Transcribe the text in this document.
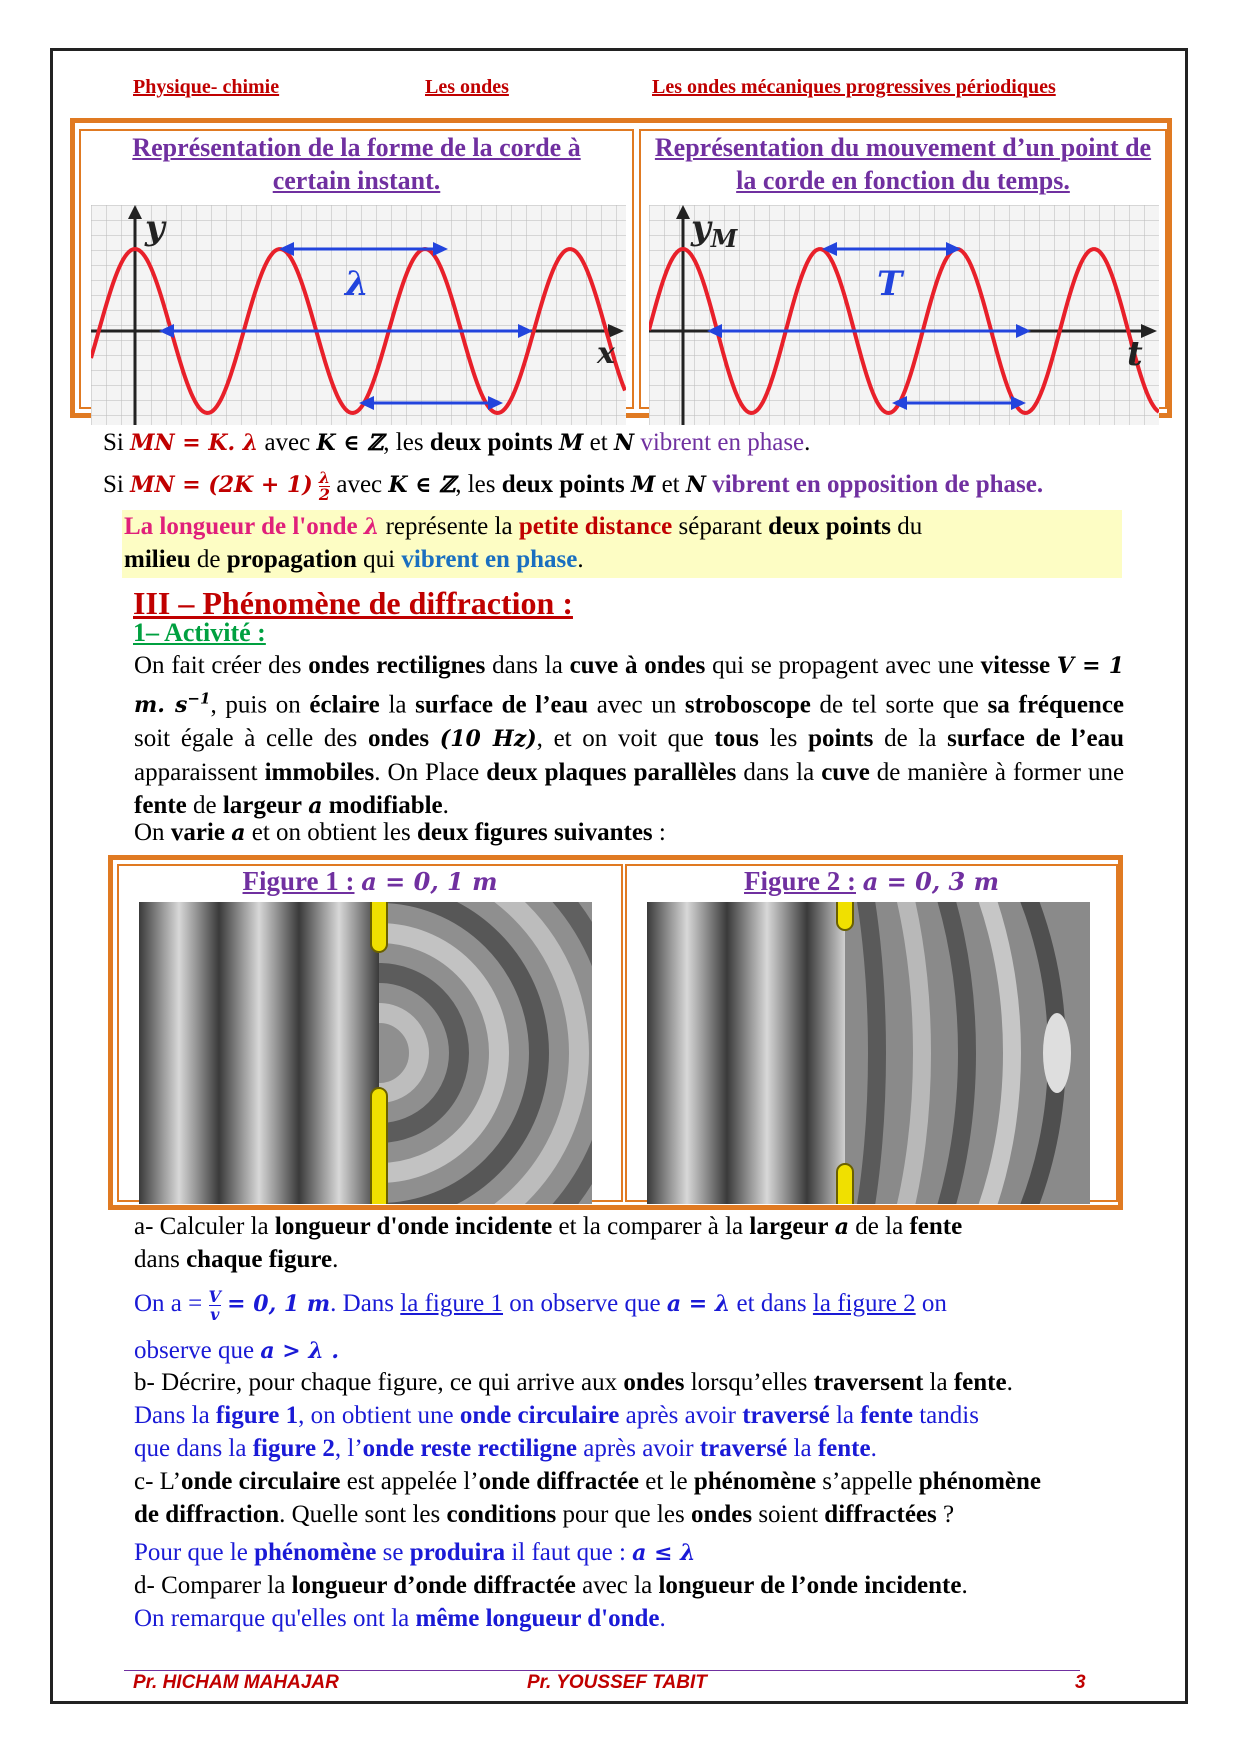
Physique- chimie	Les ondes	Les ondes mécaniques progressives périodiques
Représentation de la forme de la corde à certain instant.
y
x
λ
Représentation du mouvement d’un point de la corde en fonction du temps.
$y_M$
t
T
Si MN = K. λ avec K ∈ ℤ, les deux points M et N vibrent en phase.
Si MN = $(2K + 1) \frac{\lambda}{2}$ avec K ∈ ℤ, les deux points M et N vibrent en opposition de phase.
La longueur de l'onde λ représente la petite distance séparant deux points du
milieu de propagation qui vibrent en phase.
III – Phénomène de diffraction :
1– Activité :
On fait créer des ondes rectilignes dans la cuve à ondes qui se propagent avec une vitesse V = 1 m. $s^{-1}$, puis on éclaire la surface de l’eau avec un stroboscope de tel sorte que sa fréquence soit égale à celle des ondes (10 Hz), et on voit que tous les points de la surface de l’eau apparaissent immobiles. On Place deux plaques parallèles dans la cuve de manière à former une fente de largeur a modifiable.
On varie a et on obtient les deux figures suivantes :
Figure 1 : a = 0, 1 m	Figure 2 : a = 0, 3 m
a- Calculer la longueur d'onde incidente et la comparer à la largeur a de la fente
dans chaque figure.
On $a = \frac{V}{v} = 0$, 1 m. Dans la figure 1 on observe que a = λ et dans la figure 2 on
observe que a > λ .
b- Décrire, pour chaque figure, ce qui arrive aux ondes lorsqu’elles traversent la fente.
Dans la figure 1, on obtient une onde circulaire après avoir traversé la fente tandis
que dans la figure 2, l’onde reste rectiligne après avoir traversé la fente.
c- L’onde circulaire est appelée l’onde diffractée et le phénomène s’appelle phénomène
de diffraction. Quelle sont les conditions pour que les ondes soient diffractées ?
Pour que le phénomène se produira il faut que : a ≤ λ
d- Comparer la longueur d’onde diffractée avec la longueur de l’onde incidente.
On remarque qu'elles ont la même longueur d'onde.
Pr. HICHAM MAHAJAR	Pr. YOUSSEF TABIT	3
